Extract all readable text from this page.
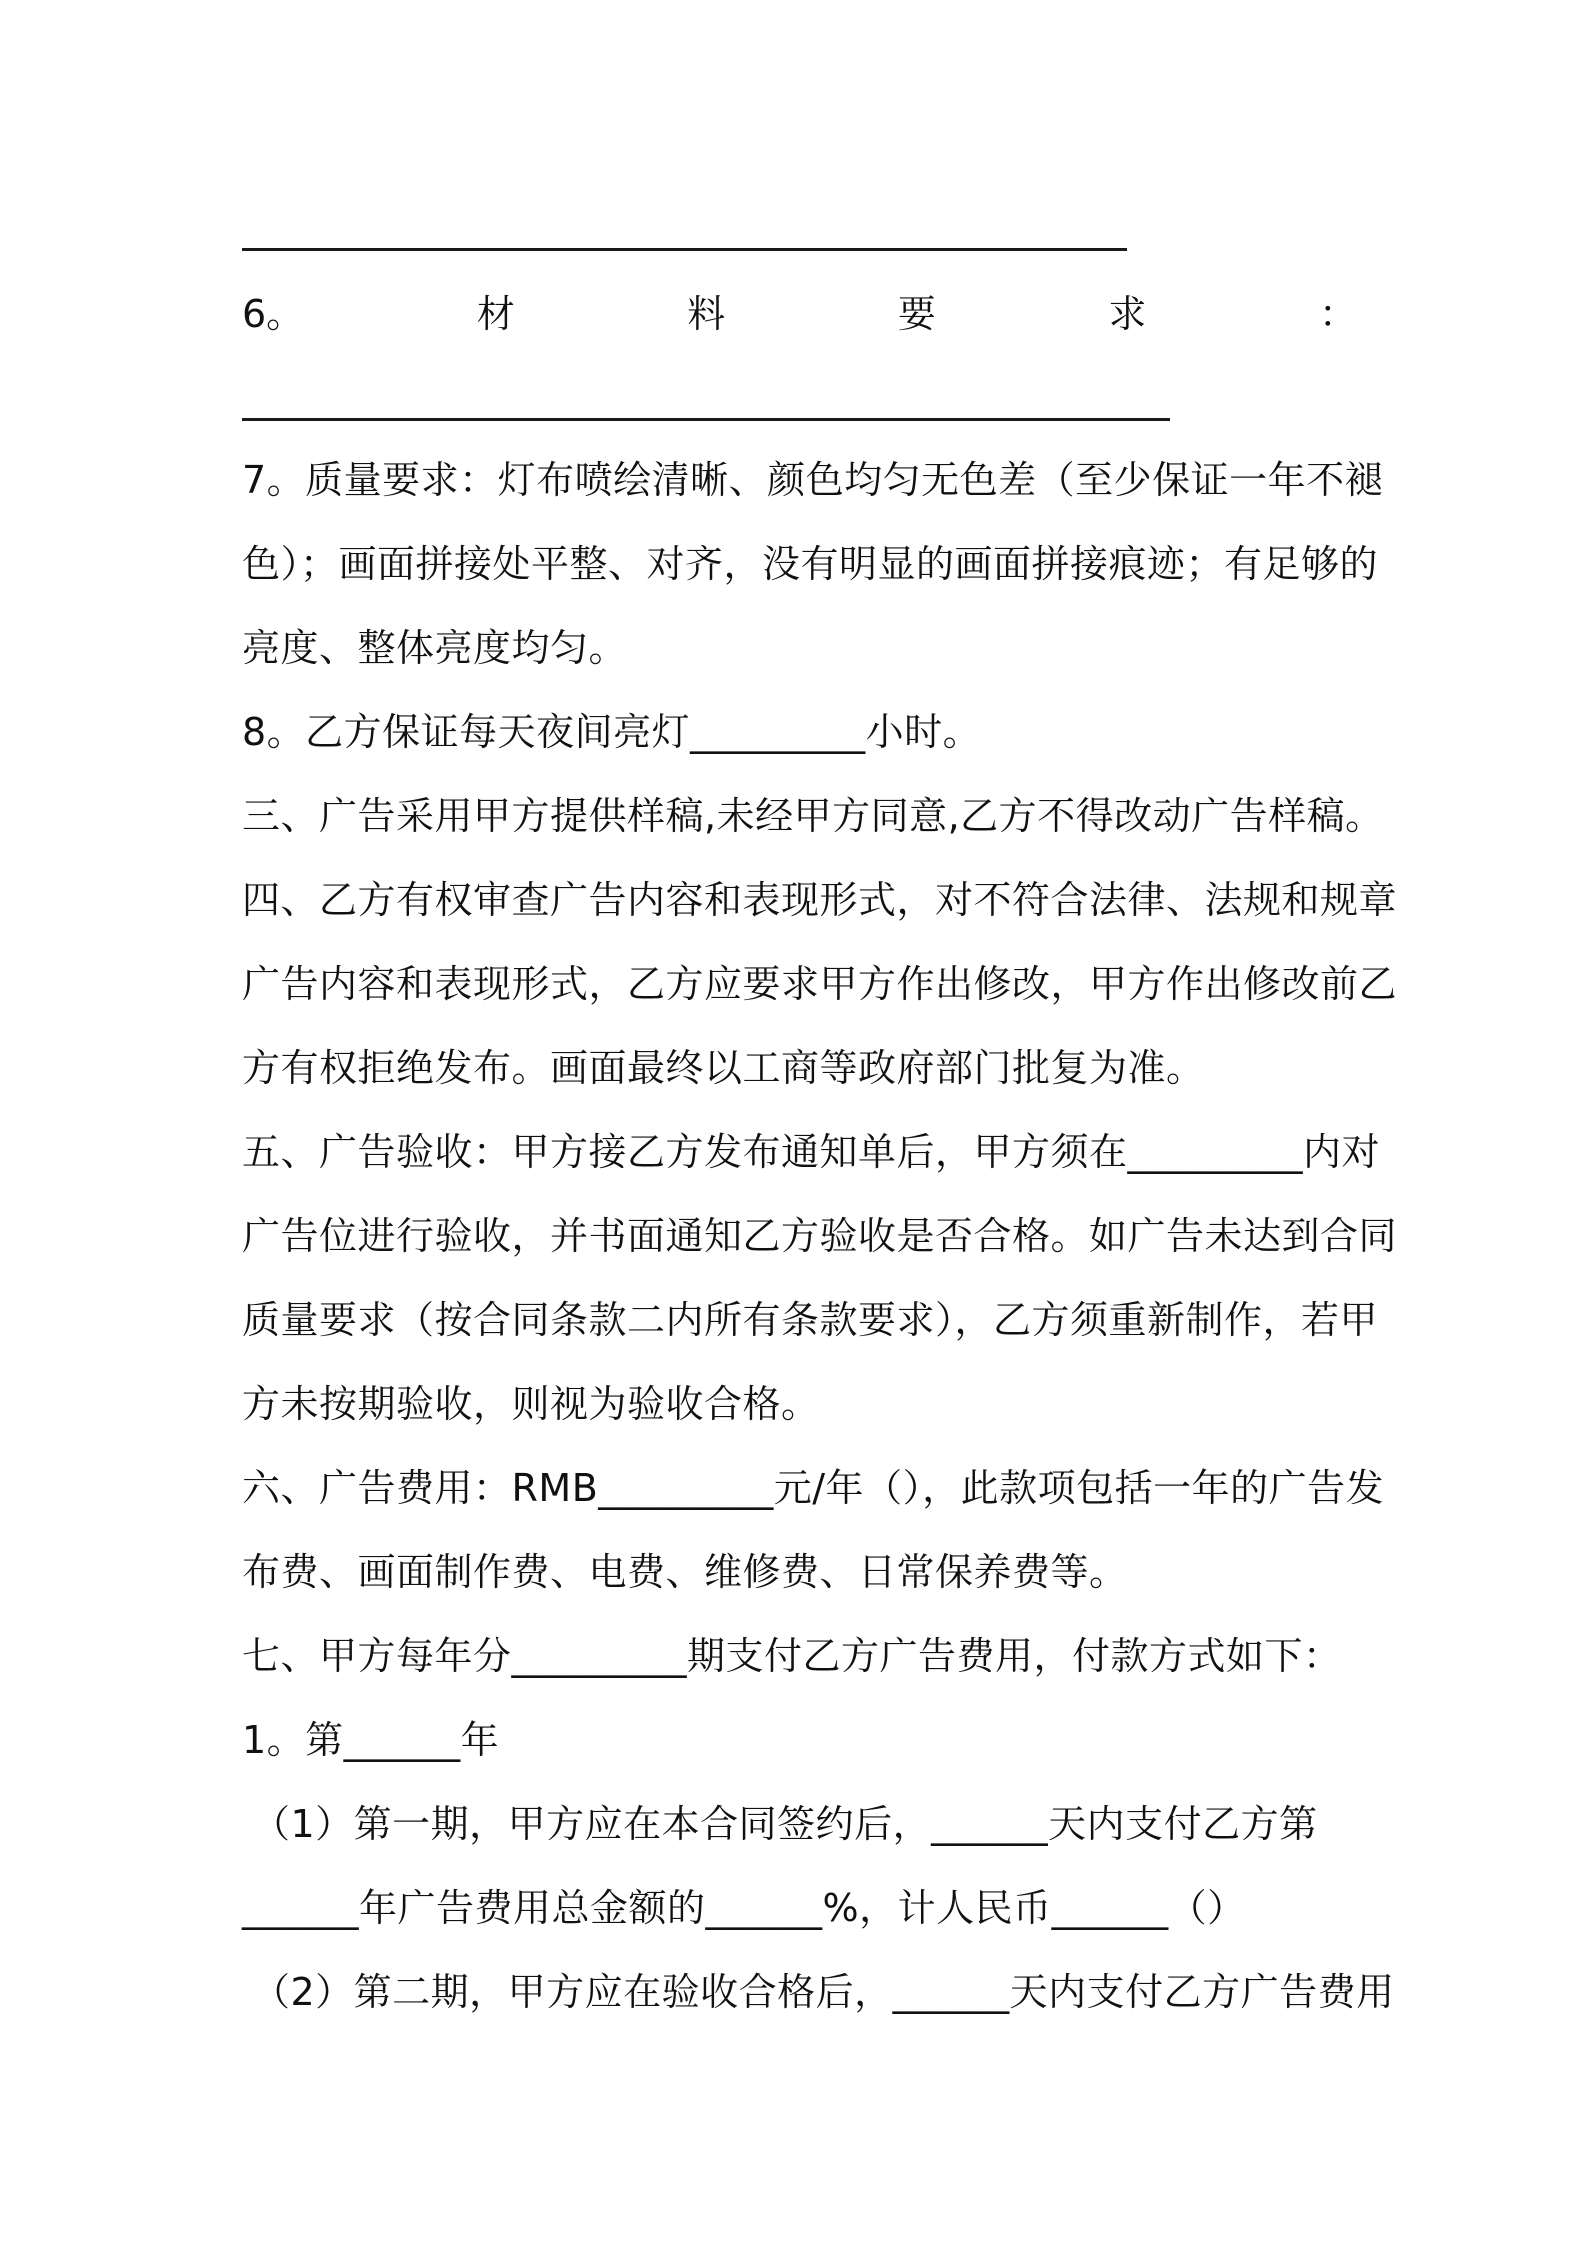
6。	材	料	要	求	：
7。质量要求：灯布喷绘清晰、颜色均匀无色差（至少保证一年不褪
色）；画面拼接处平整、对齐，没有明显的画面拼接痕迹；有足够的
亮度、整体亮度均匀。
8。乙方保证每天夜间亮灯_________小时。
三、广告采用甲方提供样稿,未经甲方同意,乙方不得改动广告样稿。
四、乙方有权审查广告内容和表现形式，对不符合法律、法规和规章
广告内容和表现形式，乙方应要求甲方作出修改，甲方作出修改前乙
方有权拒绝发布。画面最终以工商等政府部门批复为准。
五、广告验收：甲方接乙方发布通知单后，甲方须在_________内对
广告位进行验收，并书面通知乙方验收是否合格。如广告未达到合同
质量要求（按合同条款二内所有条款要求），乙方须重新制作，若甲
方未按期验收，则视为验收合格。
六、广告费用：RMB_________元/年（），此款项包括一年的广告发
布费、画面制作费、电费、维修费、日常保养费等。
七、甲方每年分_________期支付乙方广告费用，付款方式如下：
1。第______年
（1）第一期，甲方应在本合同签约后，______天内支付乙方第
______年广告费用总金额的______%，计人民币______（）
（2）第二期，甲方应在验收合格后，______天内支付乙方广告费用
